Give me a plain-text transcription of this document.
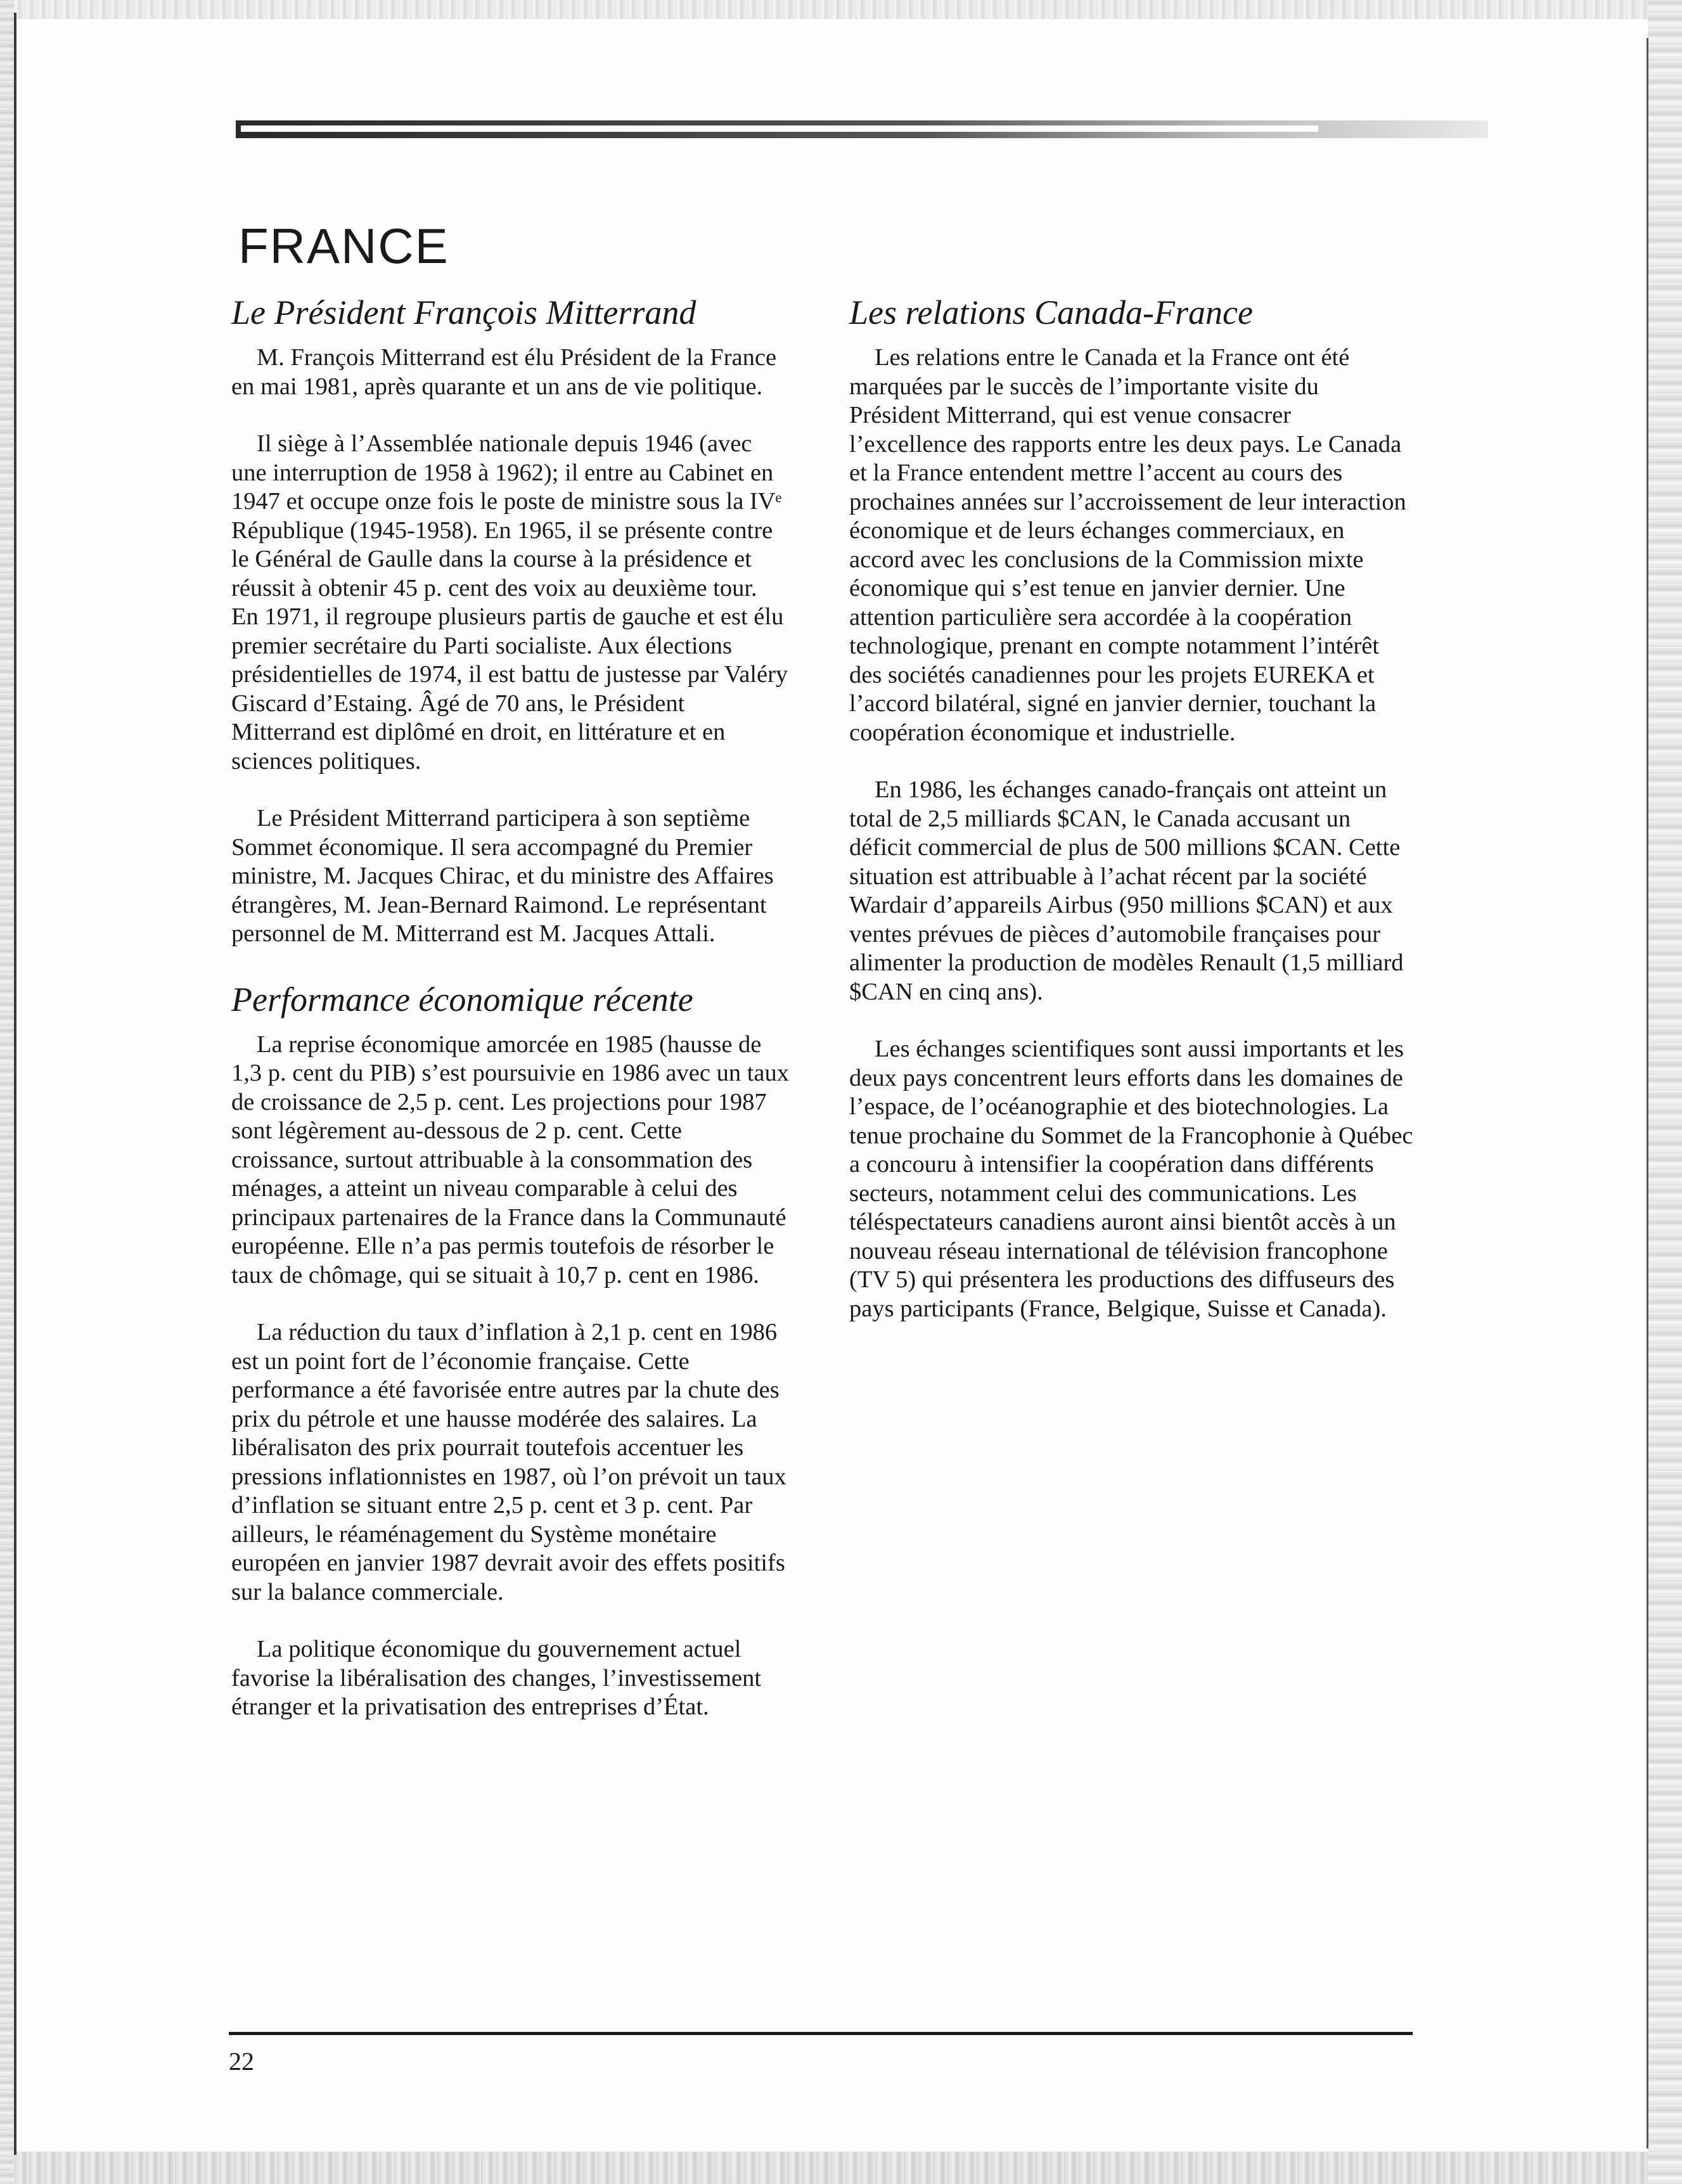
FRANCE
Le Président François Mitterrand

M. François Mitterrand est élu Président de la France en mai 1981, après quarante et un ans de vie politique.

Il siège à l’Assemblée nationale depuis 1946 (avec une interruption de 1958 à 1962); il entre au Cabinet en 1947 et occupe onze fois le poste de ministre sous la IVᵉ République (1945-1958). En 1965, il se présente contre le Général de Gaulle dans la course à la présidence et réussit à obtenir 45 p. cent des voix au deuxième tour. En 1971, il regroupe plusieurs partis de gauche et est élu premier secrétaire du Parti socialiste. Aux élections présidentielles de 1974, il est battu de justesse par Valéry Giscard d’Estaing. Âgé de 70 ans, le Président Mitterrand est diplômé en droit, en littérature et en sciences politiques.

Le Président Mitterrand participera à son septième Sommet économique. Il sera accompagné du Premier ministre, M. Jacques Chirac, et du ministre des Affaires étrangères, M. Jean-Bernard Raimond. Le représentant personnel de M. Mitterrand est M. Jacques Attali.

Performance économique récente

La reprise économique amorcée en 1985 (hausse de 1,3 p. cent du PIB) s’est poursuivie en 1986 avec un taux de croissance de 2,5 p. cent. Les projections pour 1987 sont légèrement au-dessous de 2 p. cent. Cette croissance, surtout attribuable à la consommation des ménages, a atteint un niveau comparable à celui des principaux partenaires de la France dans la Communauté européenne. Elle n’a pas permis toutefois de résorber le taux de chômage, qui se situait à 10,7 p. cent en 1986.

La réduction du taux d’inflation à 2,1 p. cent en 1986 est un point fort de l’économie française. Cette performance a été favorisée entre autres par la chute des prix du pétrole et une hausse modérée des salaires. La libéralisaton des prix pourrait toutefois accentuer les pressions inflationnistes en 1987, où l’on prévoit un taux d’inflation se situant entre 2,5 p. cent et 3 p. cent. Par ailleurs, le réaménagement du Système monétaire européen en janvier 1987 devrait avoir des effets positifs sur la balance commerciale.

La politique économique du gouvernement actuel favorise la libéralisation des changes, l’investissement étranger et la privatisation des entreprises d’État.

Les relations Canada-France

Les relations entre le Canada et la France ont été marquées par le succès de l’importante visite du Président Mitterrand, qui est venue consacrer l’excellence des rapports entre les deux pays. Le Canada et la France entendent mettre l’accent au cours des prochaines années sur l’accroissement de leur interaction économique et de leurs échanges commerciaux, en accord avec les conclusions de la Commission mixte économique qui s’est tenue en janvier dernier. Une attention particulière sera accordée à la coopération technologique, prenant en compte notamment l’intérêt des sociétés canadiennes pour les projets EUREKA et l’accord bilatéral, signé en janvier dernier, touchant la coopération économique et industrielle.

En 1986, les échanges canado-français ont atteint un total de 2,5 milliards $CAN, le Canada accusant un déficit commercial de plus de 500 millions $CAN. Cette situation est attribuable à l’achat récent par la société Wardair d’appareils Airbus (950 millions $CAN) et aux ventes prévues de pièces d’automobile françaises pour alimenter la production de modèles Renault (1,5 milliard $CAN en cinq ans).

Les échanges scientifiques sont aussi importants et les deux pays concentrent leurs efforts dans les domaines de l’espace, de l’océanographie et des biotechnologies. La tenue prochaine du Sommet de la Francophonie à Québec a concouru à intensifier la coopération dans différents secteurs, notamment celui des communications. Les téléspectateurs canadiens auront ainsi bientôt accès à un nouveau réseau international de télévision francophone (TV 5) qui présentera les productions des diffuseurs des pays participants (France, Belgique, Suisse et Canada).

22
